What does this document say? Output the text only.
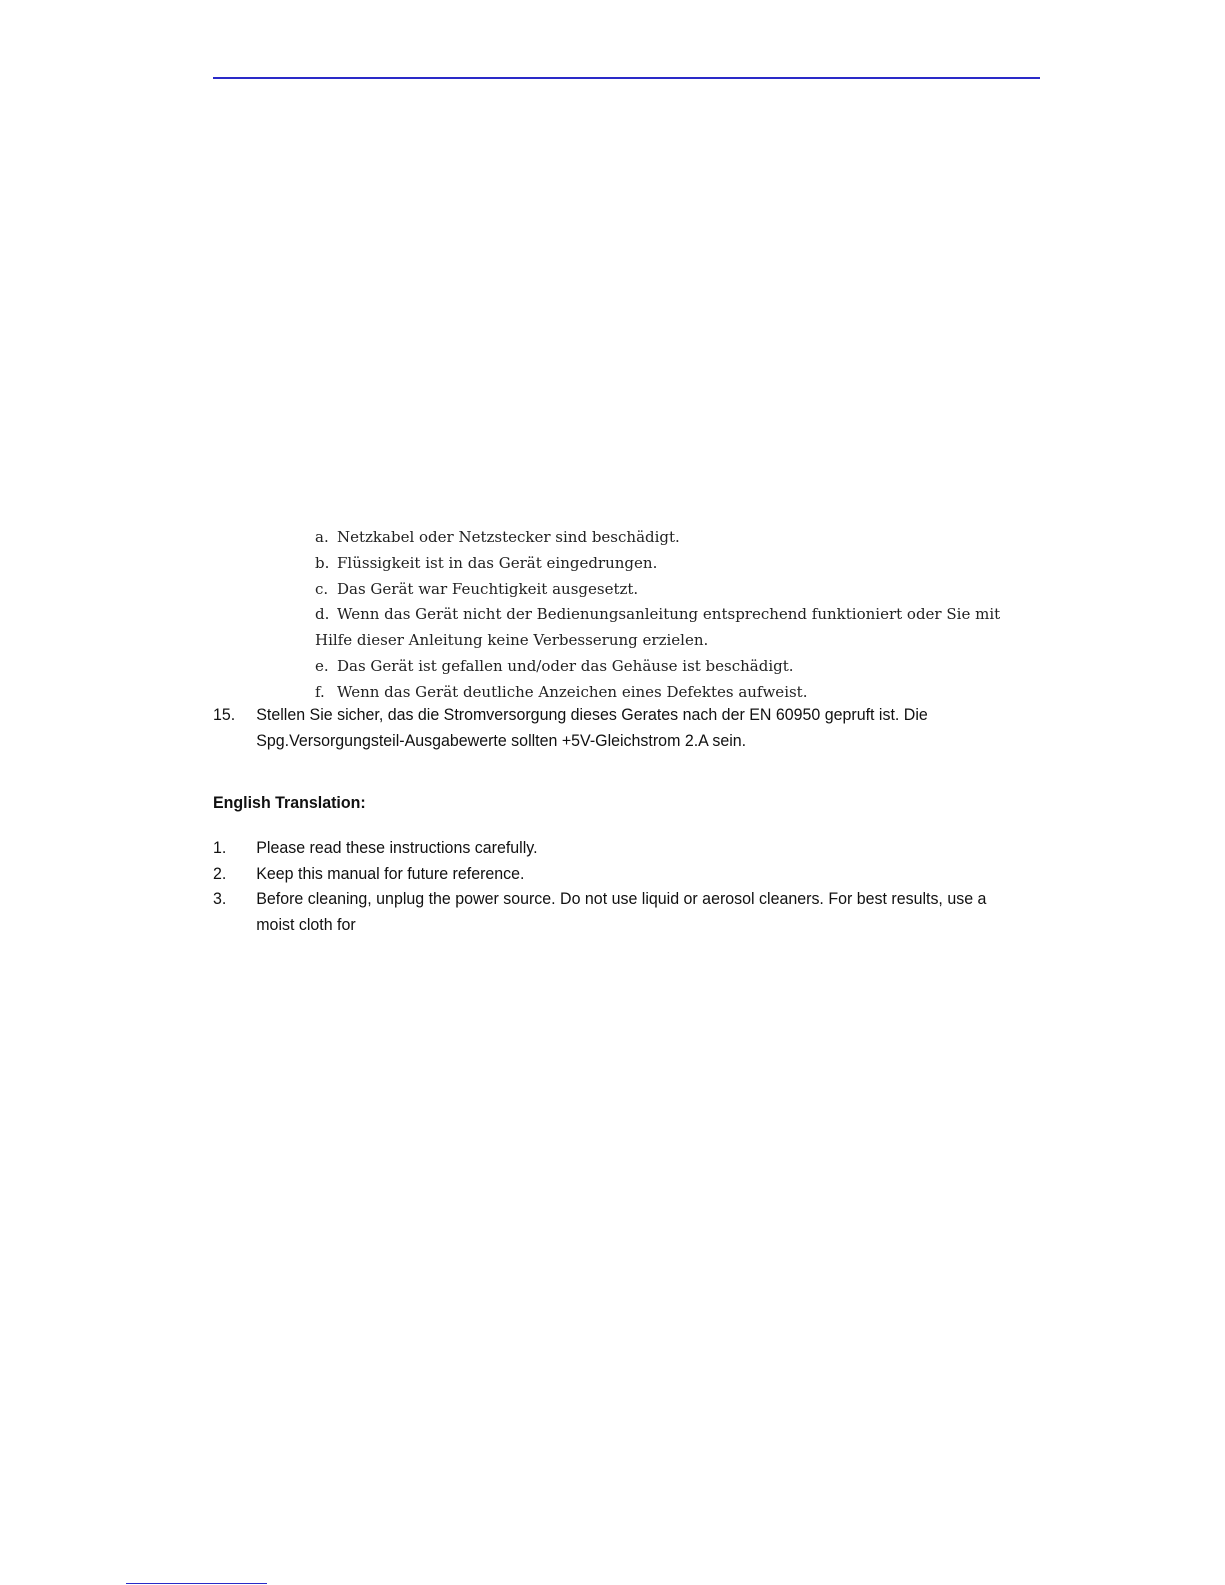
a. Netzkabel oder Netzstecker sind beschädigt.
b. Flüssigkeit ist in das Gerät eingedrungen.
c. Das Gerät war Feuchtigkeit ausgesetzt.
d. Wenn das Gerät nicht der Bedienungsanleitung entsprechend funktioniert oder Sie mit
Hilfe dieser Anleitung keine Verbesserung erzielen.
e. Das Gerät ist gefallen und/oder das Gehäuse ist beschädigt.
f. Wenn das Gerät deutliche Anzeichen eines Defektes aufweist.
15.	Stellen Sie sicher, das die Stromversorgung dieses Gerates nach der EN 60950 gepruft ist. Die Spg.Versorgungsteil-Ausgabewerte sollten +5V-Gleichstrom 2.A sein.
English Translation:
1.	Please read these instructions carefully.
2.	Keep this manual for future reference.
3.	Before cleaning, unplug the power source. Do not use liquid or aerosol cleaners. For best results, use a moist cloth for
